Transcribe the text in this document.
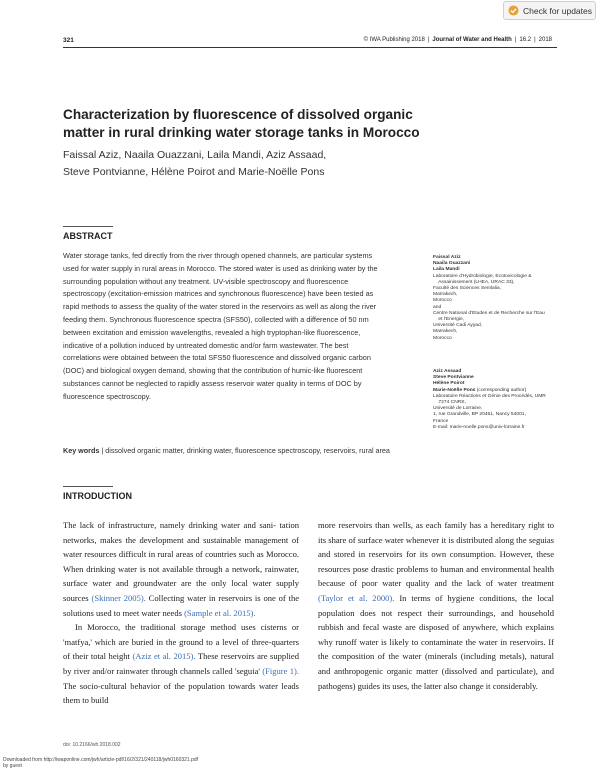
Check for updates
321	© IWA Publishing 2018 | Journal of Water and Health | 16.2 | 2018
Characterization by fluorescence of dissolved organic
matter in rural drinking water storage tanks in Morocco
Faissal Aziz, Naaila Ouazzani, Laila Mandi, Aziz Assaad,
Steve Pontvianne, Hélène Poirot and Marie-Noëlle Pons
ABSTRACT
Water storage tanks, fed directly from the river through opened channels, are particular systems
used for water supply in rural areas in Morocco. The stored water is used as drinking water by the
surrounding population without any treatment. UV-visible spectroscopy and fluorescence
spectroscopy (excitation-emission matrices and synchronous fluorescence) have been tested as
rapid methods to assess the quality of the water stored in the reservoirs as well as along the river
feeding them. Synchronous fluorescence spectra (SFS50), collected with a difference of 50 nm
between excitation and emission wavelengths, revealed a high tryptophan-like fluorescence,
indicative of a pollution induced by untreated domestic and/or farm wastewater. The best
correlations were obtained between the total SFS50 fluorescence and dissolved organic carbon
(DOC) and biological oxygen demand, showing that the contribution of humic-like fluorescent
substances cannot be neglected to rapidly assess reservoir water quality in terms of DOC by
fluorescence spectroscopy.
Key words | dissolved organic matter, drinking water, fluorescence spectroscopy, reservoirs, rural area
Faissal Aziz
Naaila Ouazzani
Laila Mandi
Laboratoire d'Hydrobiologie, Ecotoxicologie &
Assainissement (LHEA, URAC 33),
Faculté des Sciences Semlalia,
Marrakech,
Morocco
and
Centre National d'Etudes et de Recherche sur l'Eau
et l'Energie,
Université Cadi Ayyad,
Marrakech,
Morocco
Aziz Assaad
Steve Pontvianne
Hélène Poirot
Marie-Noëlle Pons (corresponding author)
Laboratoire Réactions et Génie des Procédés, UMR
7274 CNRS,
Université de Lorraine,
1, rue Grandville, BP 20451, Nancy 54001,
France
E-mail: marie-noelle.pons@univ-lorraine.fr
INTRODUCTION

The lack of infrastructure, namely drinking water and sani- tation networks, makes the development and sustainable management of water resources difficult in rural areas of countries such as Morocco. When drinking water is not available through a network, rainwater, surface water and groundwater are the only local water supply sources (Skinner 2005). Collecting water in reservoirs is one of the solutions used to meet water needs (Sample et al. 2015).

In Morocco, the traditional storage method uses cisterns or 'matfya,' which are buried in the ground to a level of three-quarters of their total height (Aziz et al. 2015). These reservoirs are supplied by river and/or rainwater through channels called 'seguia' (Figure 1). The socio-cultural behavior of the population towards water leads them to build

more reservoirs than wells, as each family has a hereditary right to its share of surface water whenever it is distributed along the seguias and stored in reservoirs for its own consumption. However, these resources pose drastic problems to human and environmental health because of poor water quality and the lack of water treatment (Taylor et al. 2000). In terms of hygiene conditions, the local population does not respect their surroundings, and household rubbish and fecal waste are disposed of anywhere, which explains why runoff water is likely to contaminate the water in reservoirs. If the composition of the water (minerals (including metals), natural and anthropogenic organic matter (dissolved and particulate), and pathogens) guides its uses, the latter also change it considerably.

doi: 10.2166/wh.2018.002
Downloaded from http://iwaponline.com/jwh/article-pdf/16/2/321/240118/jwh0160321.pdf
by guest
